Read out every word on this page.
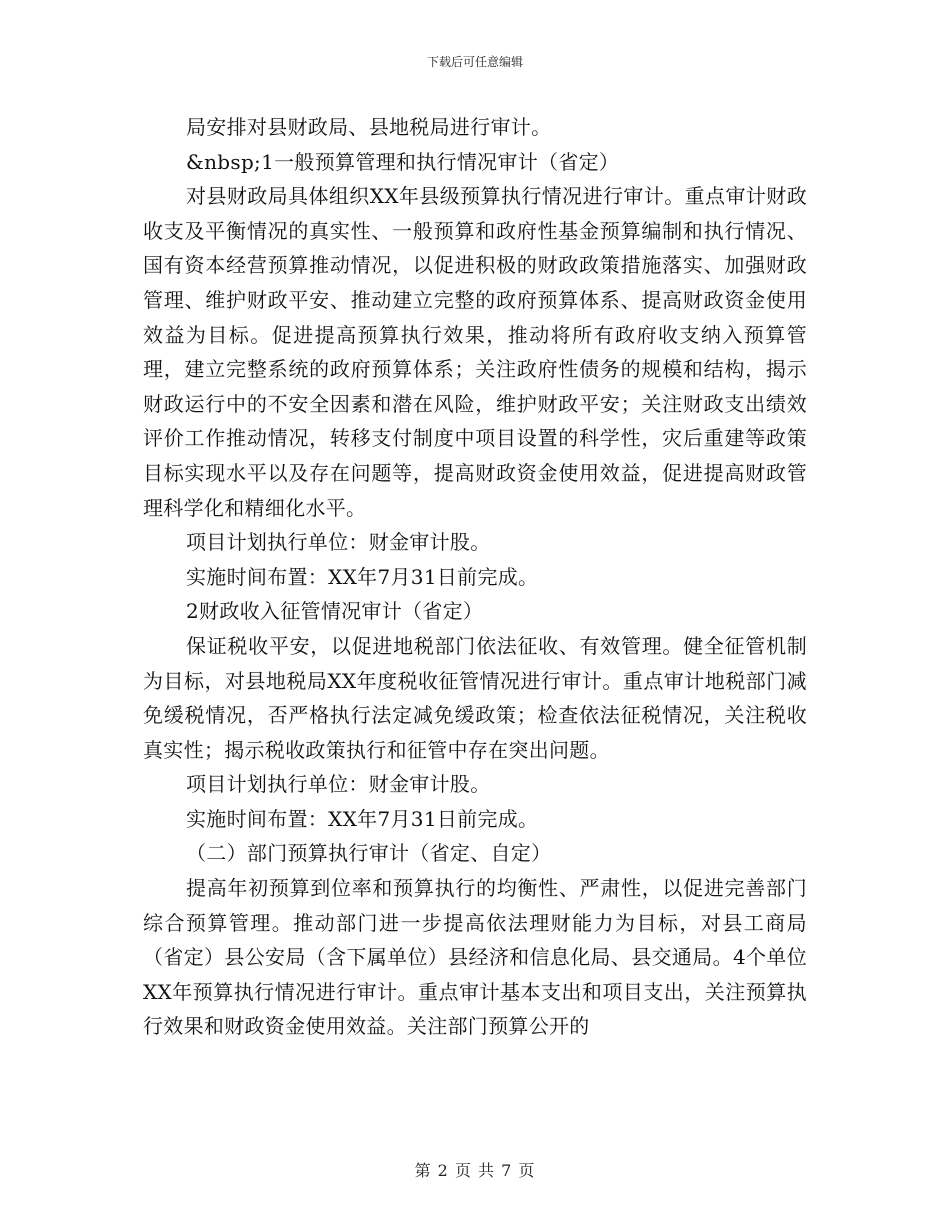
下载后可任意编辑

局安排对县财政局、县地税局进行审计。

&nbsp;1一般预算管理和执行情况审计（省定）

对县财政局具体组织XX年县级预算执行情况进行审计。重点审计财政收支及平衡情况的真实性、一般预算和政府性基金预算编制和执行情况、国有资本经营预算推动情况，以促进积极的财政政策措施落实、加强财政管理、维护财政平安、推动建立完整的政府预算体系、提高财政资金使用效益为目标。促进提高预算执行效果，推动将所有政府收支纳入预算管理，建立完整系统的政府预算体系；关注政府性债务的规模和结构，揭示财政运行中的不安全因素和潜在风险，维护财政平安；关注财政支出绩效评价工作推动情况，转移支付制度中项目设置的科学性，灾后重建等政策目标实现水平以及存在问题等，提高财政资金使用效益，促进提高财政管理科学化和精细化水平。

项目计划执行单位：财金审计股。

实施时间布置：XX年7月31日前完成。

2财政收入征管情况审计（省定）

保证税收平安，以促进地税部门依法征收、有效管理。健全征管机制为目标，对县地税局XX年度税收征管情况进行审计。重点审计地税部门减免缓税情况，否严格执行法定减免缓政策；检查依法征税情况，关注税收真实性；揭示税收政策执行和征管中存在突出问题。

项目计划执行单位：财金审计股。

实施时间布置：XX年7月31日前完成。

（二）部门预算执行审计（省定、自定）

提高年初预算到位率和预算执行的均衡性、严肃性，以促进完善部门综合预算管理。推动部门进一步提高依法理财能力为目标，对县工商局（省定）县公安局（含下属单位）县经济和信息化局、县交通局。4个单位XX年预算执行情况进行审计。重点审计基本支出和项目支出，关注预算执行效果和财政资金使用效益。关注部门预算公开的

第 2 页 共 7 页
